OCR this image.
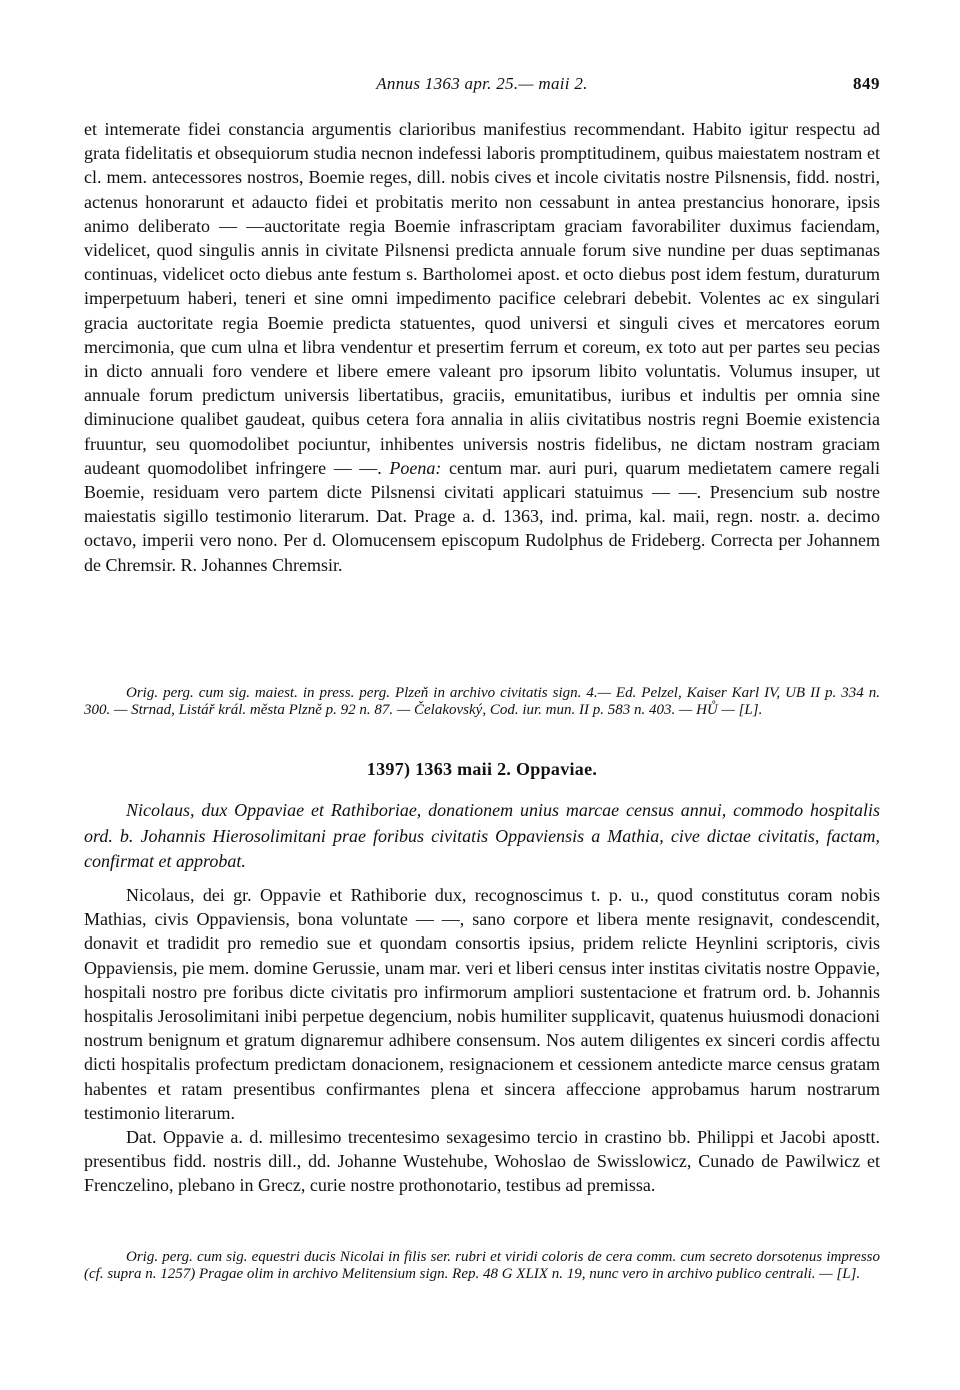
Annus 1363 apr. 25.— maii 2.	849

et intemerate fidei constancia argumentis clarioribus manifestius recommendant. Habito igitur respectu ad grata fidelitatis et obsequiorum studia necnon indefessi laboris promptitudinem, quibus maiestatem nostram et cl. mem. antecessores nostros, Boemie reges, dill. nobis cives et incole civitatis nostre Pilsnensis, fidd. nostri, actenus honorarunt et adaucto fidei et probitatis merito non cessabunt in antea prestancius honorare, ipsis animo deliberato — —auctoritate regia Boemie infrascriptam graciam favorabiliter duximus faciendam, videlicet, quod singulis annis in civitate Pilsnensi predicta annuale forum sive nundine per duas septimanas continuas, videlicet octo diebus ante festum s. Bartholomei apost. et octo diebus post idem festum, duraturum imperpetuum haberi, teneri et sine omni impedimento pacifice celebrari debebit. Volentes ac ex singulari gracia auctoritate regia Boemie predicta statuentes, quod universi et singuli cives et mercatores eorum mercimonia, que cum ulna et libra vendentur et presertim ferrum et coreum, ex toto aut per partes seu pecias in dicto annuali foro vendere et libere emere valeant pro ipsorum libito voluntatis. Volumus insuper, ut annuale forum predictum universis libertatibus, graciis, emunitatibus, iuribus et indultis per omnia sine diminucione qualibet gaudeat, quibus cetera fora annalia in aliis civitatibus nostris regni Boemie existencia fruuntur, seu quomodolibet pociuntur, inhibentes universis nostris fidelibus, ne dictam nostram graciam audeant quomodolibet infringere — —. Poena: centum mar. auri puri, quarum medietatem camere regali Boemie, residuam vero partem dicte Pilsnensi civitati applicari statuimus — —. Presencium sub nostre maiestatis sigillo testimonio literarum. Dat. Prage a. d. 1363, ind. prima, kal. maii, regn. nostr. a. decimo octavo, imperii vero nono. Per d. Olomucensem episcopum Rudolphus de Frideberg. Correcta per Johannem de Chremsir. R. Johannes Chremsir.

Orig. perg. cum sig. maiest. in press. perg. Plzeň in archivo civitatis sign. 4.— Ed. Pelzel, Kaiser Karl IV, UB II p. 334 n. 300. — Strnad, Listář král. města Plzně p. 92 n. 87. — Čelakovský, Cod. iur. mun. II p. 583 n. 403. — HŮ — [L].

1397) 1363 maii 2. Oppaviae.

Nicolaus, dux Oppaviae et Rathiboriae, donationem unius marcae census annui, commodo hospitalis ord. b. Johannis Hierosolimitani prae foribus civitatis Oppaviensis a Mathia, cive dictae civitatis, factam, confirmat et approbat.

Nicolaus, dei gr. Oppavie et Rathiborie dux, recognoscimus t. p. u., quod constitutus coram nobis Mathias, civis Oppaviensis, bona voluntate — —, sano corpore et libera mente resignavit, condescendit, donavit et tradidit pro remedio sue et quondam consortis ipsius, pridem relicte Heynlini scriptoris, civis Oppaviensis, pie mem. domine Gerussie, unam mar. veri et liberi census inter institas civitatis nostre Oppavie, hospitali nostro pre foribus dicte civitatis pro infirmorum ampliori sustentacione et fratrum ord. b. Johannis hospitalis Jerosolimitani inibi perpetue degencium, nobis humiliter supplicavit, quatenus huiusmodi donacioni nostrum benignum et gratum dignaremur adhibere consensum. Nos autem diligentes ex sinceri cordis affectu dicti hospitalis profectum predictam donacionem, resignacionem et cessionem antedicte marce census gratam habentes et ratam presentibus confirmantes plena et sincera affeccione approbamus harum nostrarum testimonio literarum.

Dat. Oppavie a. d. millesimo trecentesimo sexagesimo tercio in crastino bb. Philippi et Jacobi apostt. presentibus fidd. nostris dill., dd. Johanne Wustehube, Wohoslao de Swisslowicz, Cunado de Pawilwicz et Frenczelino, plebano in Grecz, curie nostre prothonotario, testibus ad premissa.

Orig. perg. cum sig. equestri ducis Nicolai in filis ser. rubri et viridi coloris de cera comm. cum secreto dorsotenus impresso (cf. supra n. 1257) Pragae olim in archivo Melitensium sign. Rep. 48 G XLIX n. 19, nunc vero in archivo publico centrali. — [L].
